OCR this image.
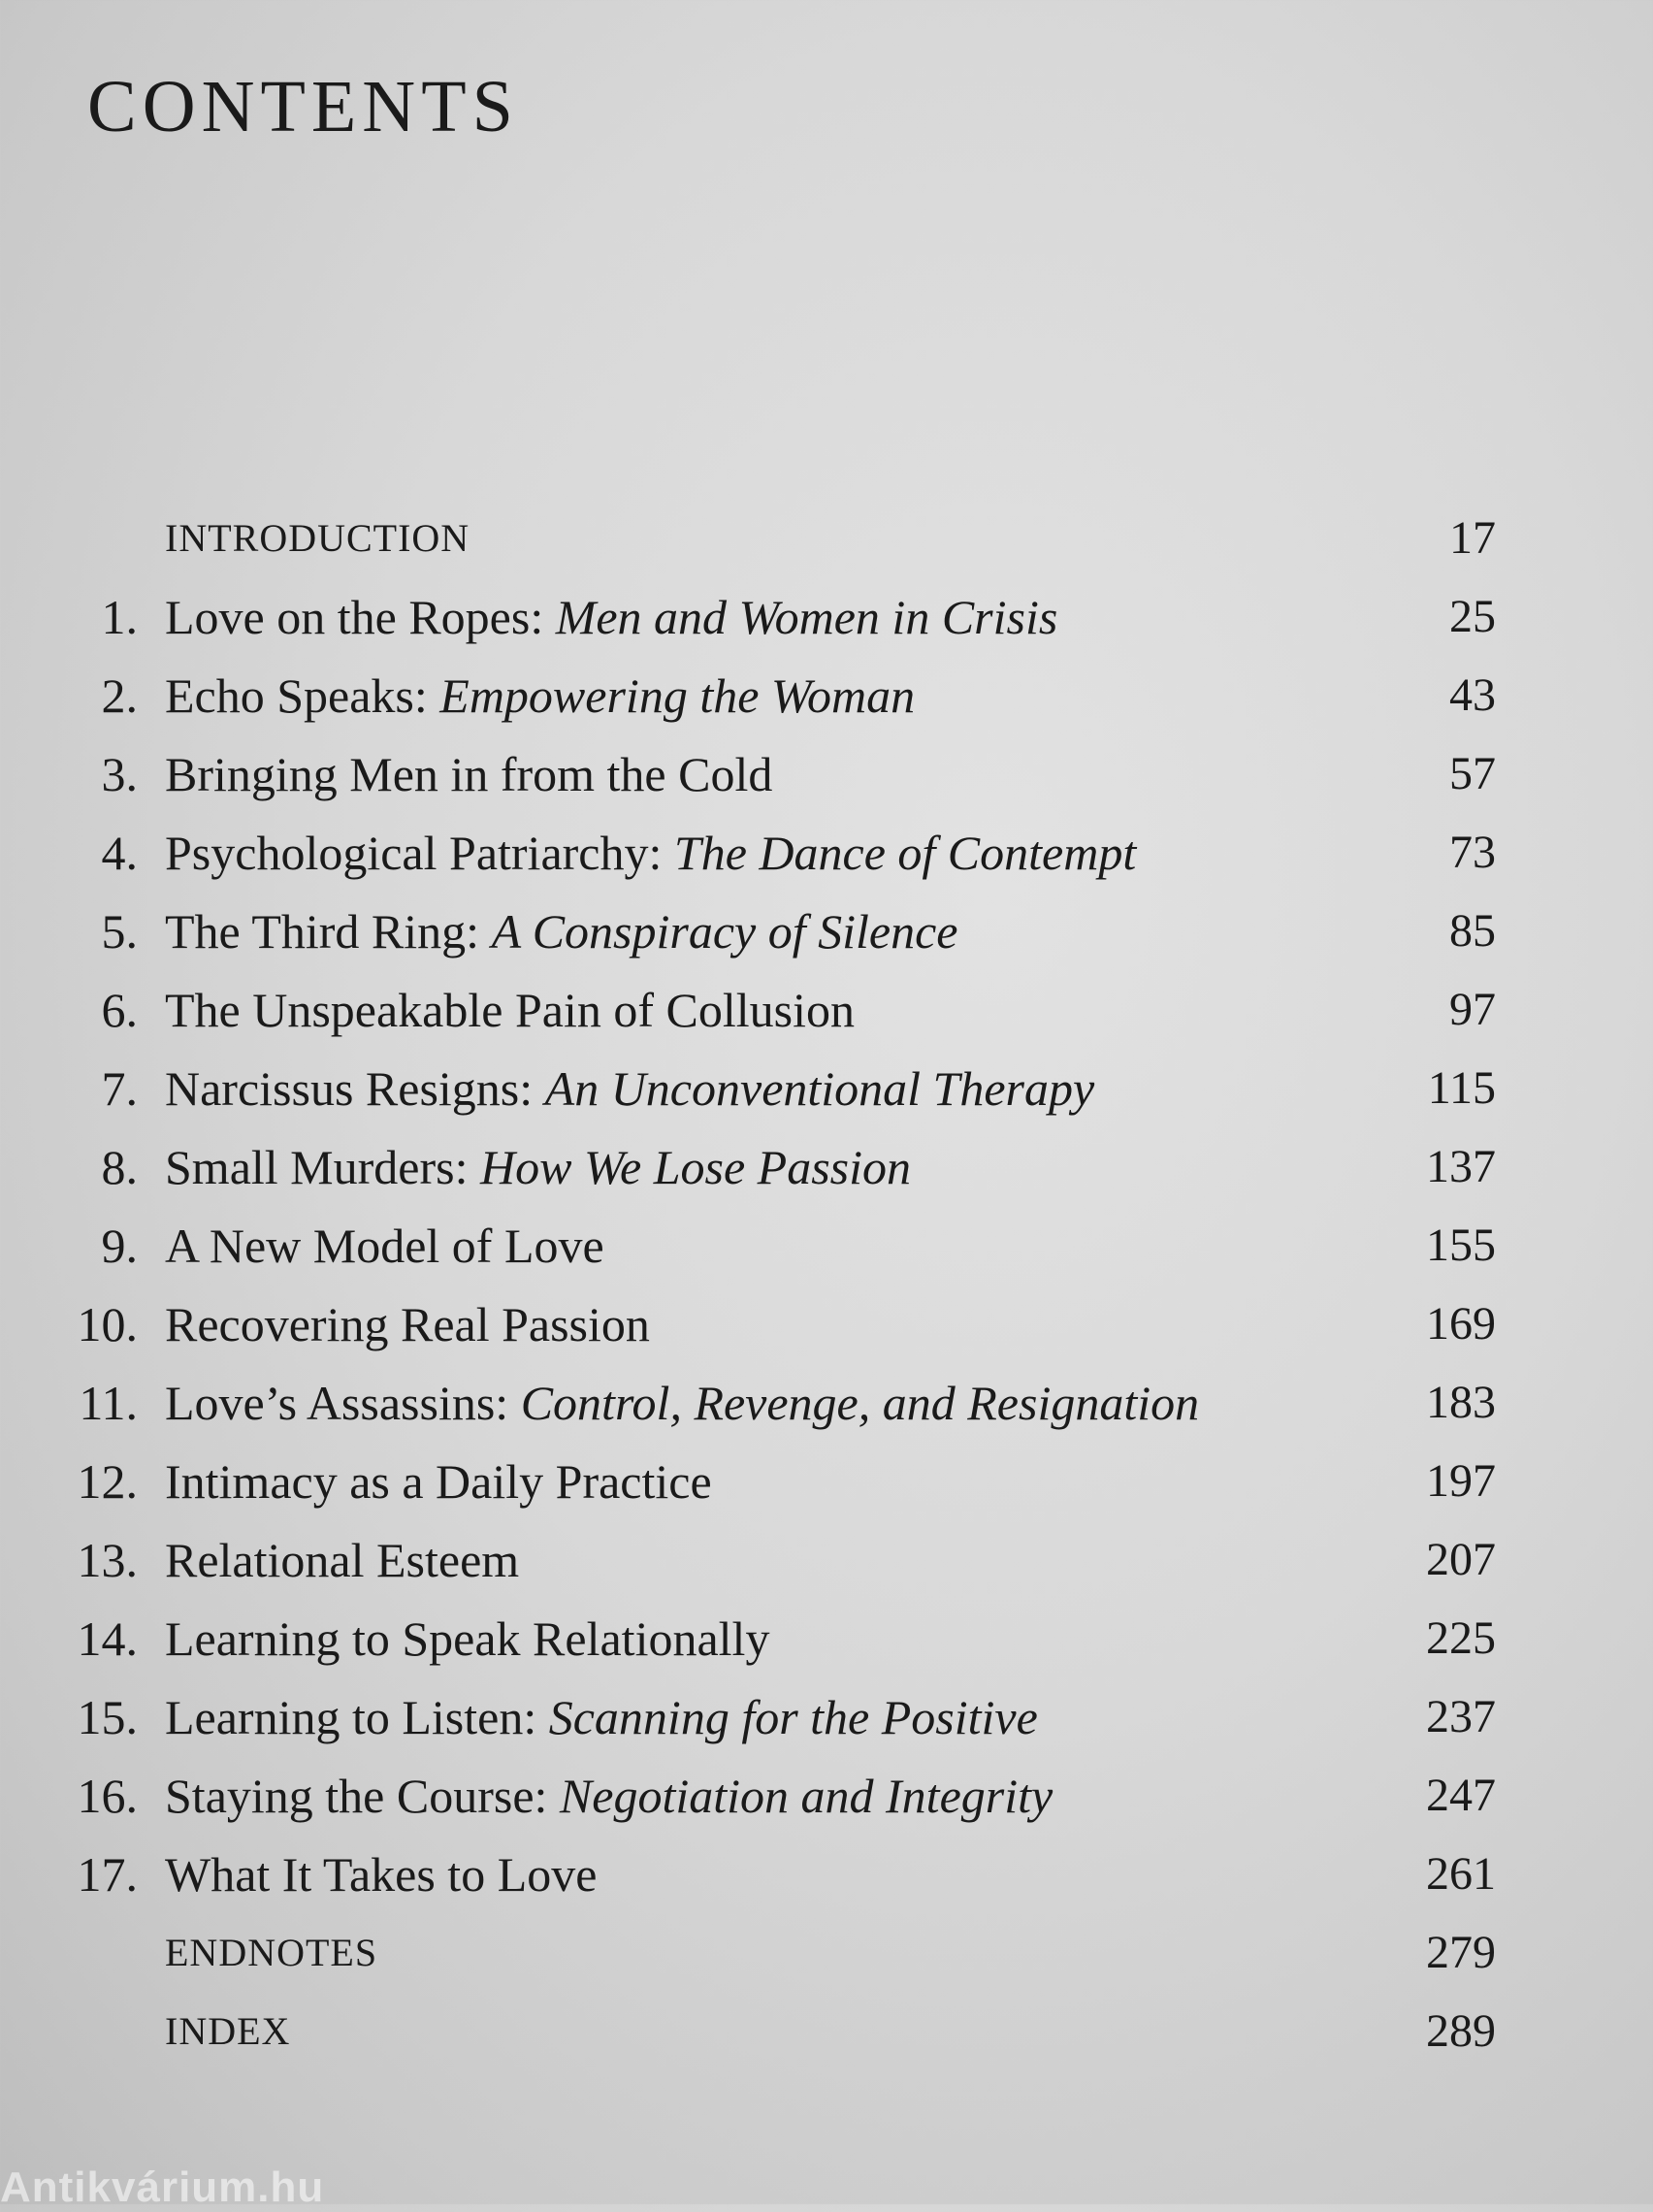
CONTENTS
INTRODUCTION	17
1. Love on the Ropes: Men and Women in Crisis	25
2. Echo Speaks: Empowering the Woman	43
3. Bringing Men in from the Cold	57
4. Psychological Patriarchy: The Dance of Contempt	73
5. The Third Ring: A Conspiracy of Silence	85
6. The Unspeakable Pain of Collusion	97
7. Narcissus Resigns: An Unconventional Therapy	115
8. Small Murders: How We Lose Passion	137
9. A New Model of Love	155
10. Recovering Real Passion	169
11. Love’s Assassins: Control, Revenge, and Resignation	183
12. Intimacy as a Daily Practice	197
13. Relational Esteem	207
14. Learning to Speak Relationally	225
15. Learning to Listen: Scanning for the Positive	237
16. Staying the Course: Negotiation and Integrity	247
17. What It Takes to Love	261
ENDNOTES	279
INDEX	289
Antikvárium.hu
